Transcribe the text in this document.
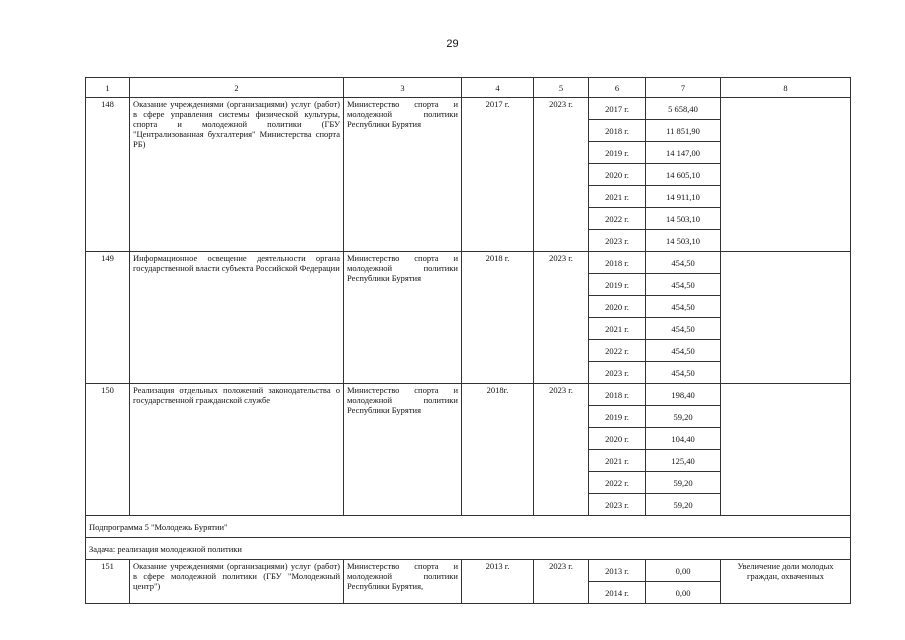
29
1	2	3	4	5	6	7	8
148	Оказание учреждениями (организациями) услуг (работ) в сфере управления системы физической культуры, спорта и молодежной политики (ГБУ "Централизованная бухгалтерия" Министерства спорта РБ)	Министерство спорта и молодежной политики Республики Бурятия	2017 г.	2023 г.	2017 г.	5 658,40	
					2018 г.	11 851,90	
					2019 г.	14 147,00	
					2020 г.	14 605,10	
					2021 г.	14 911,10	
					2022 г.	14 503,10	
					2023 г.	14 503,10	
149	Информационное освещение деятельности органа государственной власти субъекта Российской Федерации	Министерство спорта и молодежной политики Республики Бурятия	2018 г.	2023 г.	2018 г.	454,50	
					2019 г.	454,50	
					2020 г.	454,50	
					2021 г.	454,50	
					2022 г.	454,50	
					2023 г.	454,50	
150	Реализация отдельных положений законодательства о государственной гражданской службе	Министерство спорта и молодежной политики Республики Бурятия	2018г.	2023 г.	2018 г.	198,40	
					2019 г.	59,20	
					2020 г.	104,40	
					2021 г.	125,40	
					2022 г.	59,20	
					2023 г.	59,20	
Подпрограмма 5 "Молодежь Бурятии"							
Задача: реализация молодежной политики							
151	Оказание учреждениями (организациями) услуг (работ) в сфере молодежной политики (ГБУ "Молодежный центр")	Министерство спорта и молодежной политики Республики Бурятия,	2013 г.	2023 г.	2013 г.	0,00	Увеличение доли молодых граждан, охваченных
					2014 г.	0,00	
